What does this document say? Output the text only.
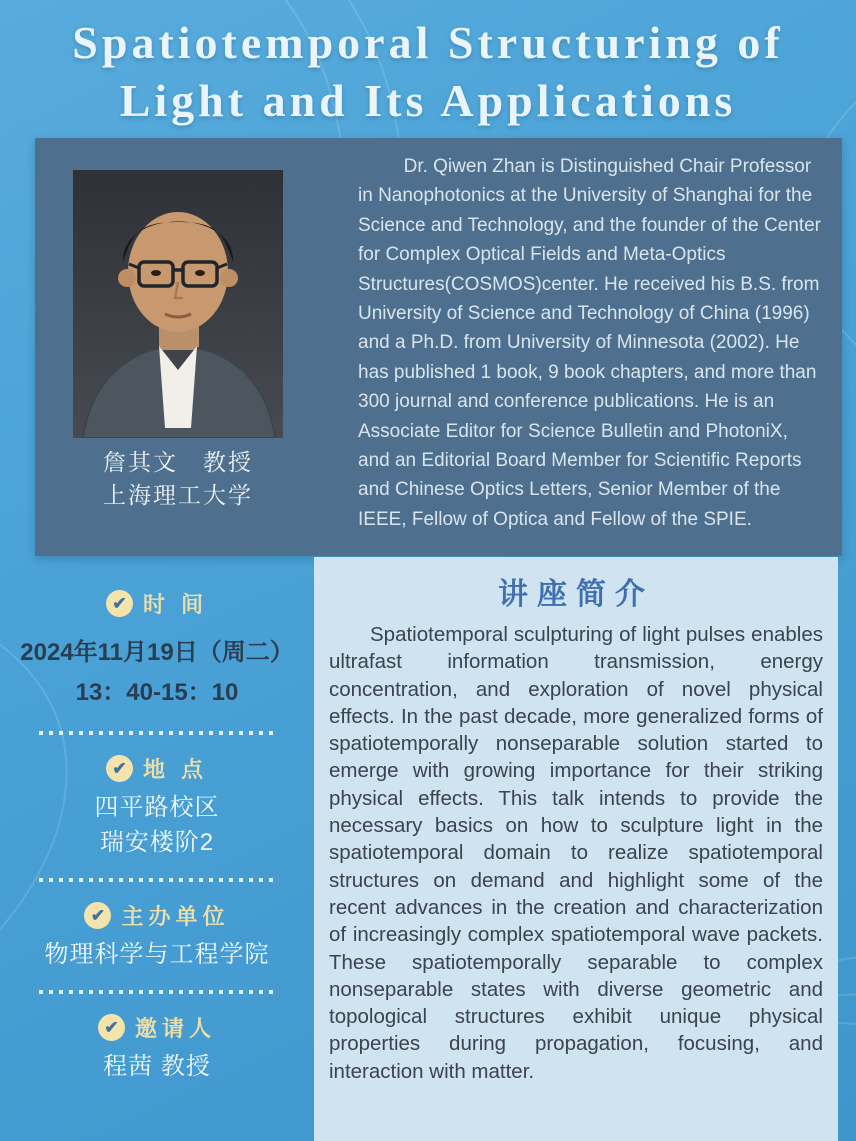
Spatiotemporal Structuring of
Light and Its Applications
詹其文　教授
上海理工大学
Dr. Qiwen Zhan is Distinguished Chair Professor in Nanophotonics at the University of Shanghai for the Science and Technology, and the founder of the Center for Complex Optical Fields and Meta-Optics Structures(COSMOS)center. He received his B.S. from University of Science and Technology of China (1996) and a Ph.D. from University of Minnesota (2002). He has published 1 book, 9 book chapters, and more than 300 journal and conference publications. He is an Associate Editor for Science Bulletin and PhotoniX, and an Editorial Board Member for Scientific Reports and Chinese Optics Letters, Senior Member of the IEEE, Fellow of Optica and Fellow of the SPIE.
✔ 时 间
2024年11月19日（周二）
13：40-15：10
✔ 地 点
四平路校区
瑞安楼阶2
✔ 主办单位
物理科学与工程学院
✔ 邀请人
程茜 教授
讲座简介
Spatiotemporal sculpturing of light pulses enables ultrafast information transmission, energy concentration, and exploration of novel physical effects. In the past decade, more generalized forms of spatiotemporally nonseparable solution started to emerge with growing importance for their striking physical effects. This talk intends to provide the necessary basics on how to sculpture light in the spatiotemporal domain to realize spatiotemporal structures on demand and highlight some of the recent advances in the creation and characterization of increasingly complex spatiotemporal wave packets. These spatiotemporally separable to complex nonseparable states with diverse geometric and topological structures exhibit unique physical properties during propagation, focusing, and interaction with matter.
